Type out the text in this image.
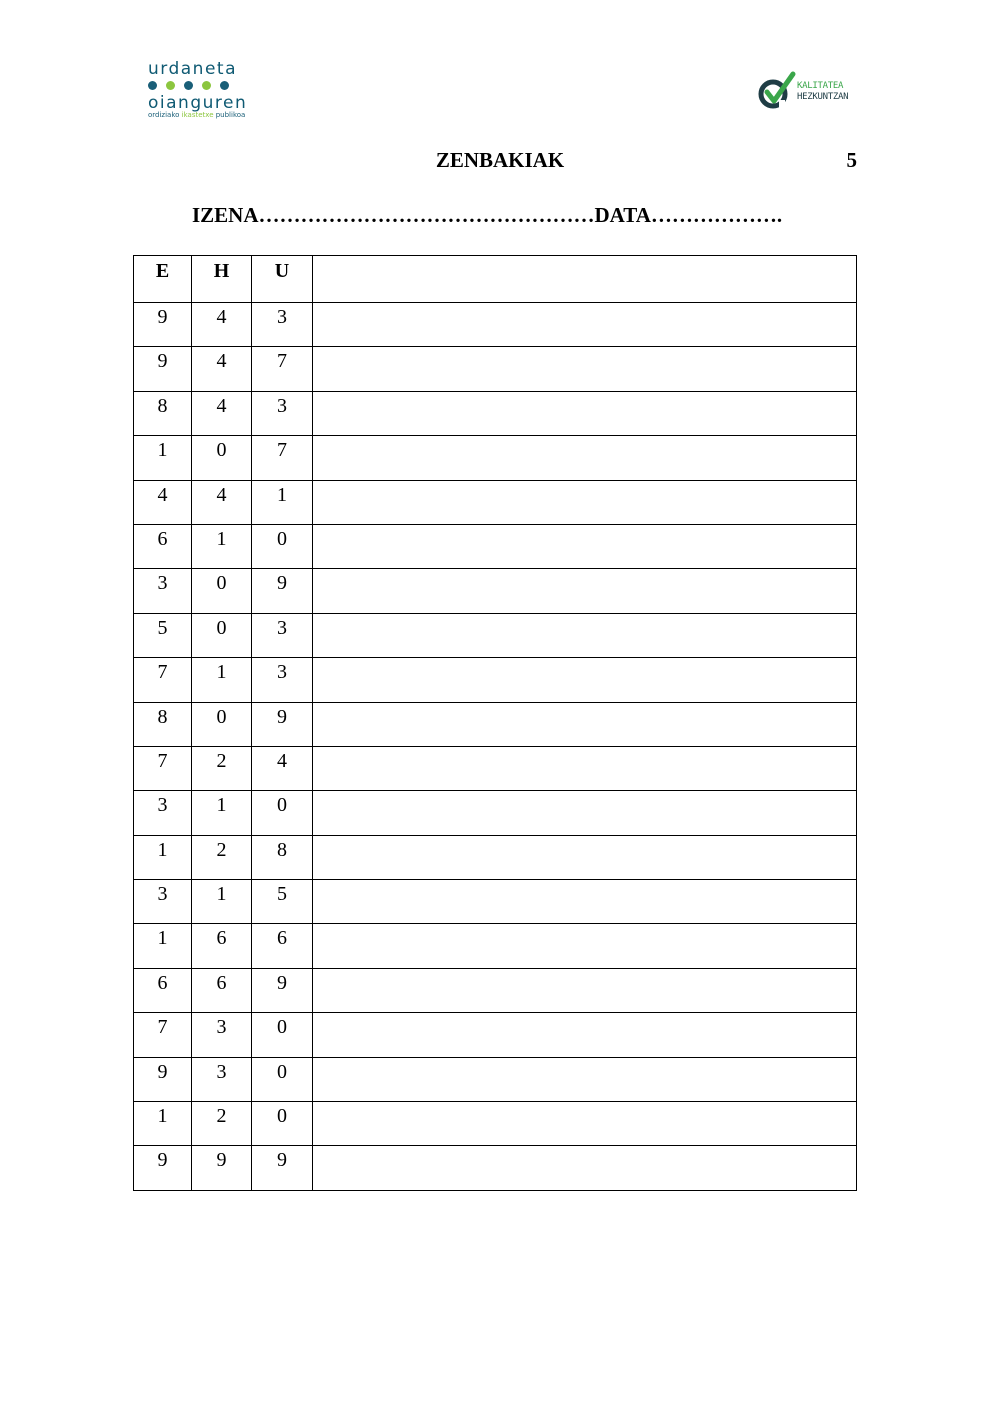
urdaneta
oianguren
ordiziako ikastetxe publikoa
KALITATEA
HEZKUNTZAN
ZENBAKIAK	5
IZENA…………………………………………DATA……………….
E	H	U	
9	4	3	
9	4	7	
8	4	3	
1	0	7	
4	4	1	
6	1	0	
3	0	9	
5	0	3	
7	1	3	
8	0	9	
7	2	4	
3	1	0	
1	2	8	
3	1	5	
1	6	6	
6	6	9	
7	3	0	
9	3	0	
1	2	0	
9	9	9	
